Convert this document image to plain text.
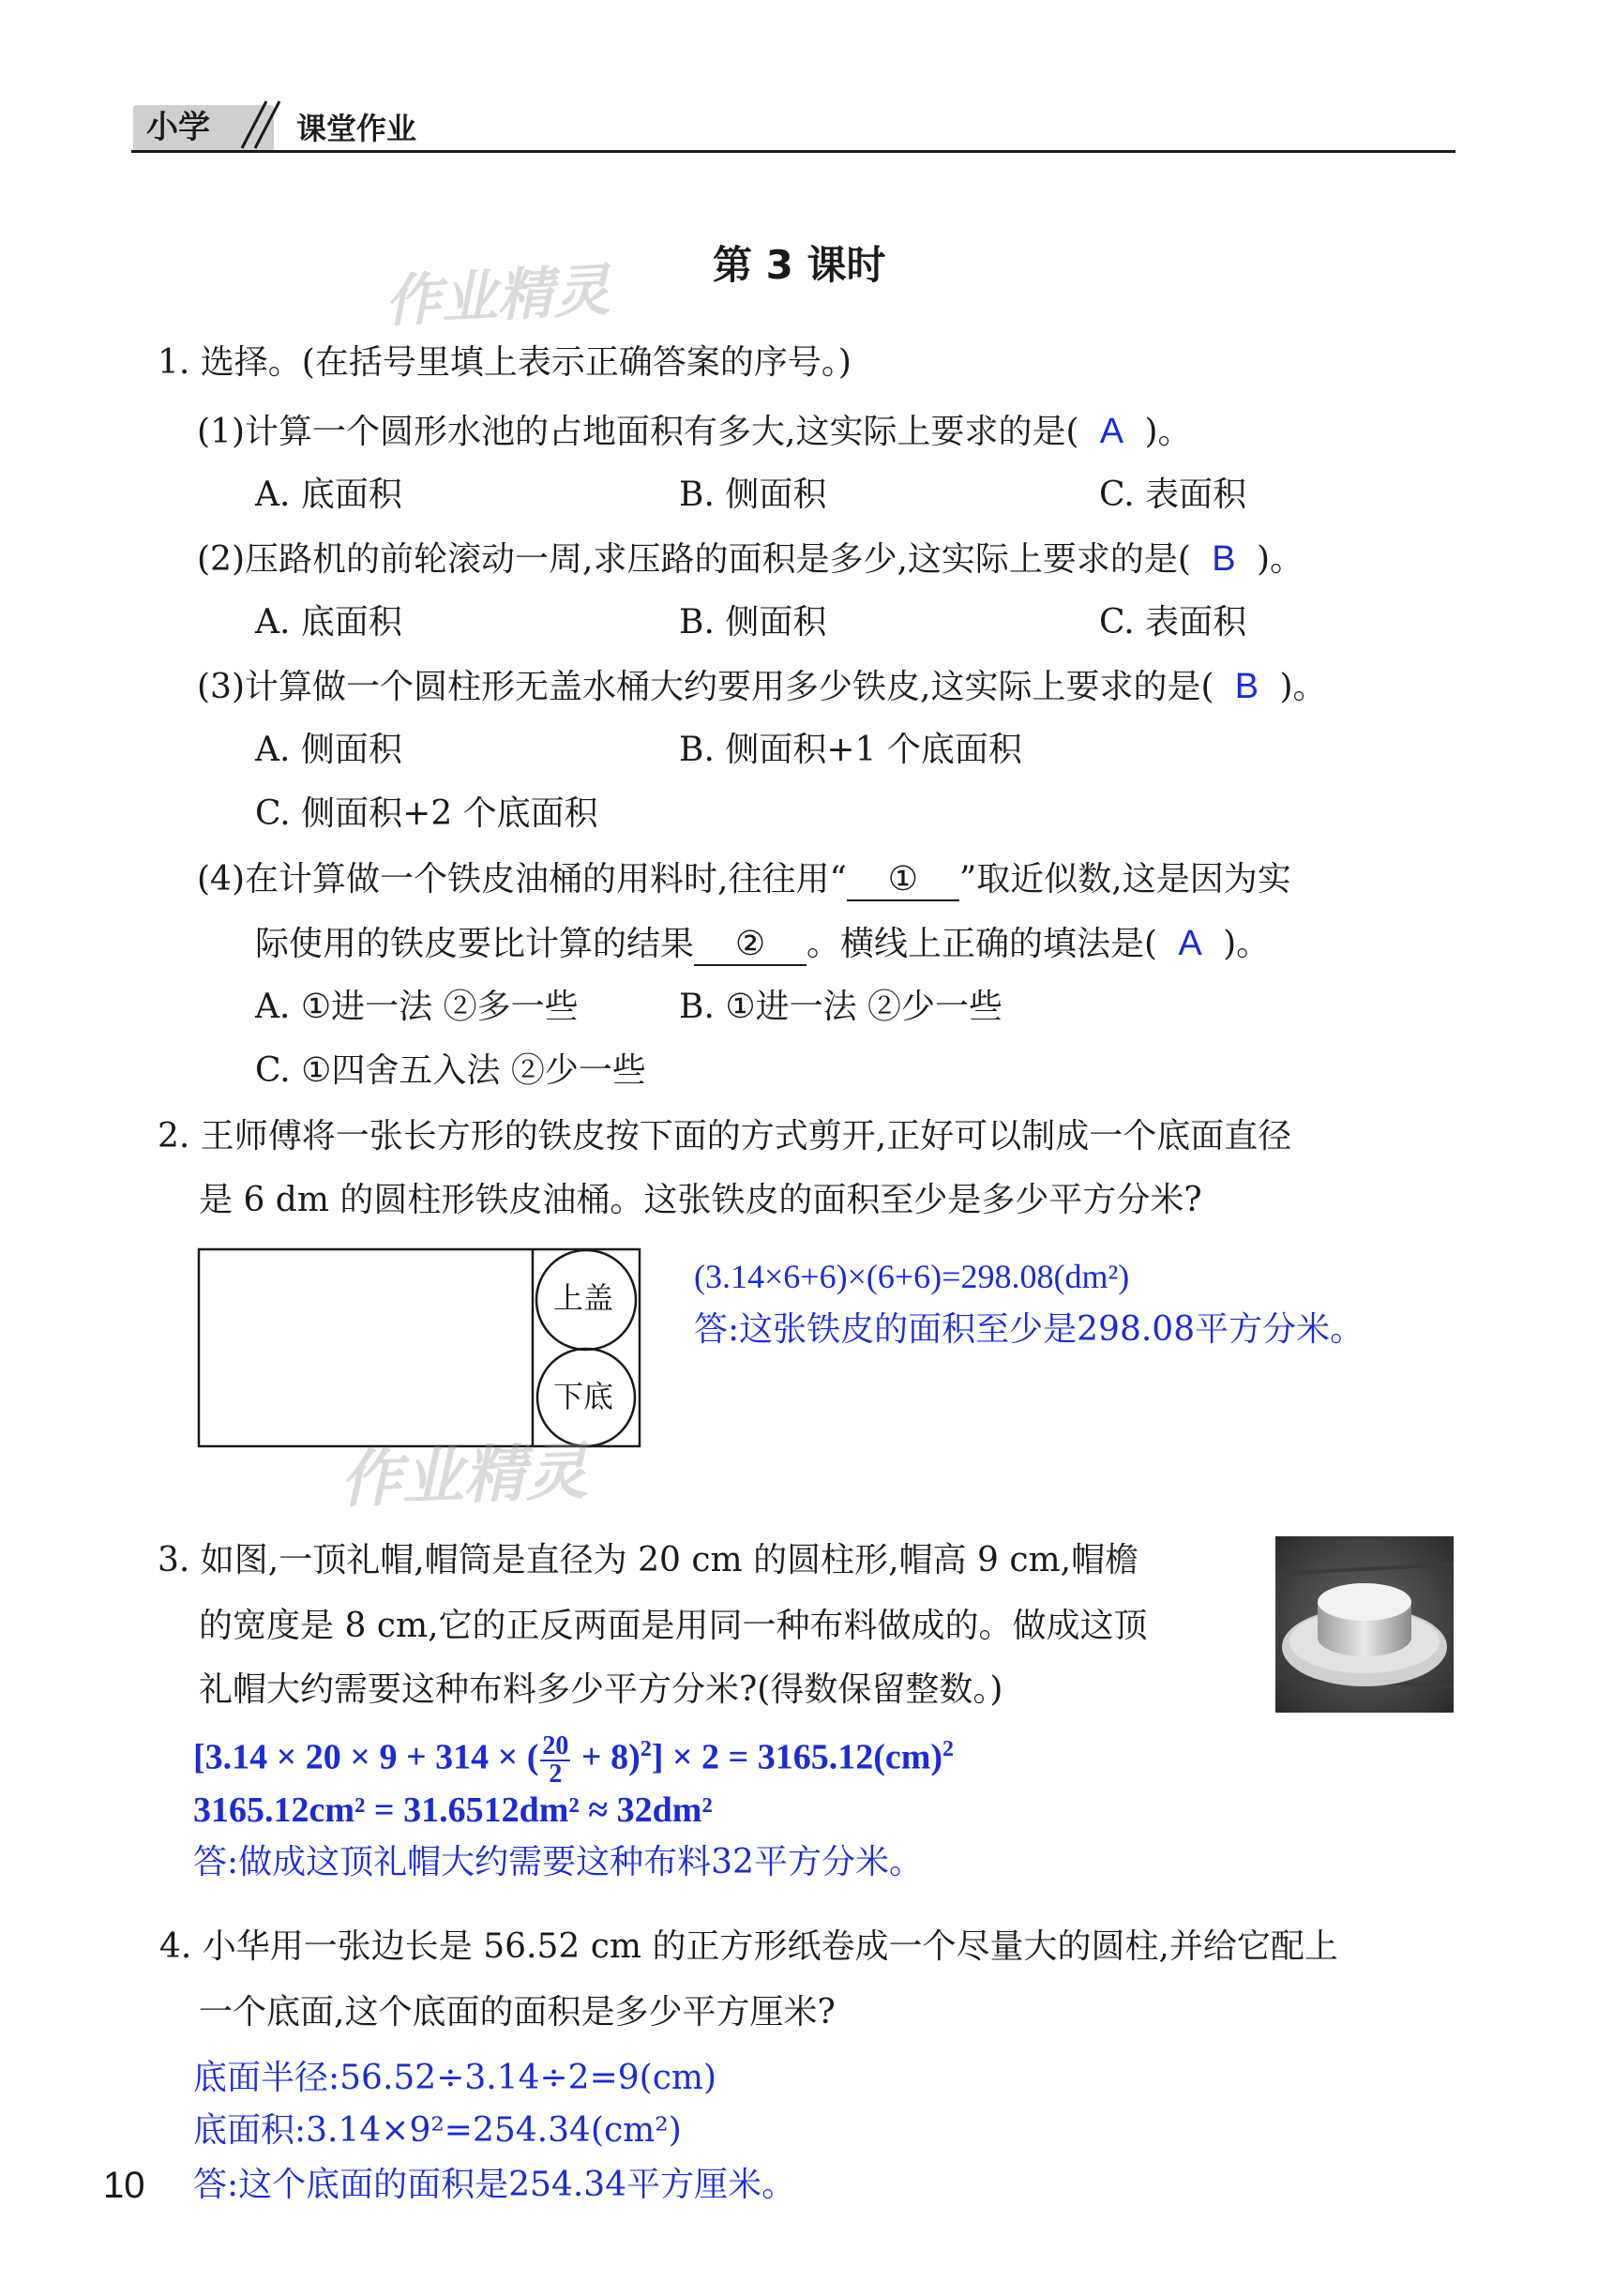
小学	课堂作业
作业精灵	第 3 课时
1. 选择。(在括号里填上表示正确答案的序号。)
(1)计算一个圆形水池的占地面积有多大,这实际上要求的是( A )。
A. 底面积	B. 侧面积	C. 表面积
(2)压路机的前轮滚动一周,求压路的面积是多少,这实际上要求的是( B )。
A. 底面积	B. 侧面积	C. 表面积
(3)计算做一个圆柱形无盖水桶大约要用多少铁皮,这实际上要求的是( B )。
A. 侧面积	B. 侧面积+1 个底面积
C. 侧面积+2 个底面积
(4)在计算做一个铁皮油桶的用料时,往往用“ ① ”取近似数,这是因为实
际使用的铁皮要比计算的结果 ② 。横线上正确的填法是( A )。
A. ①进一法 ②多一些	B. ①进一法 ②少一些
C. ①四舍五入法 ②少一些
2. 王师傅将一张长方形的铁皮按下面的方式剪开,正好可以制成一个底面直径
是 6 dm 的圆柱形铁皮油桶。这张铁皮的面积至少是多少平方分米?
上盖
下底
作业精灵
(3.14×6+6)×(6+6)=298.08(dm²)
答:这张铁皮的面积至少是298.08平方分米。
3. 如图,一顶礼帽,帽筒是直径为 20 cm 的圆柱形,帽高 9 cm,帽檐
的宽度是 8 cm,它的正反两面是用同一种布料做成的。做成这顶
礼帽大约需要这种布料多少平方分米?(得数保留整数。)
[3.14 × 20 × 9 + 314 × ( $\frac{20}{2} + 8)^2] \times 2 = 3165.12(cm)^2$
3165.12cm² = 31.6512dm² ≈ 32dm²
答:做成这顶礼帽大约需要这种布料32平方分米。
4. 小华用一张边长是 56.52 cm 的正方形纸卷成一个尽量大的圆柱,并给它配上
一个底面,这个底面的面积是多少平方厘米?
底面半径:56.52÷3.14÷2=9(cm)
底面积:3.14×9²=254.34(cm²)
答:这个底面的面积是254.34平方厘米。
10
